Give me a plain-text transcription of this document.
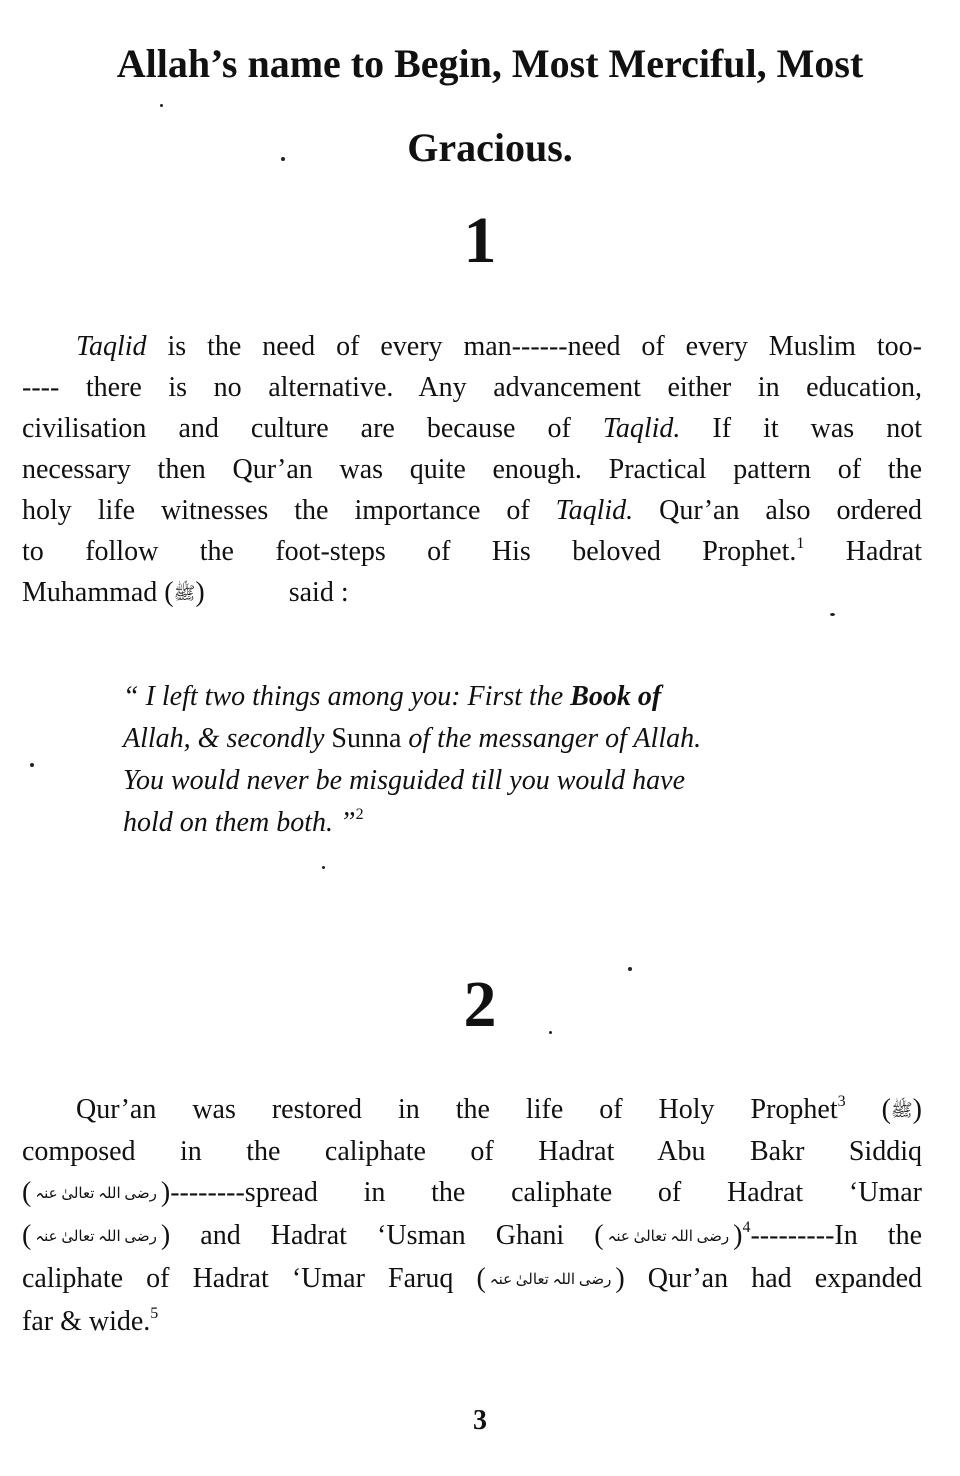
Allah’s name to Begin, Most Merciful, Most
Gracious.
1
Taqlid is the need of every man------need of every Muslim too-
---- there is no alternative. Any advancement either in education,
civilisation and culture are because of Taqlid. If it was not
necessary then Qur’an was quite enough. Practical pattern of the
holy life witnesses the importance of Taqlid. Qur’an also ordered
to follow the foot-steps of His beloved Prophet.$^1$ Hadrat
Muhammad (ﷺ)            said :
“ I left two things among you: First the Book of
Allah, & secondly Sunna of the messanger of Allah.
You would never be misguided till you would have
hold on them both. ”$^2$
2
Qur’an was restored in the life of Holy Prophet$^3$ (ﷺ)
composed in the caliphate of Hadrat Abu Bakr Siddiq
( رضی اللہ تعالیٰ عنہ )--------spread in the caliphate of Hadrat ‘Umar
( رضی اللہ تعالیٰ عنہ ) and Hadrat ‘Usman Ghani ( رضی اللہ تعالیٰ عنہ )$^4$---------In the
caliphate of Hadrat ‘Umar Faruq ( رضی اللہ تعالیٰ عنہ ) Qur’an had expanded
far & wide.$^5$

3
